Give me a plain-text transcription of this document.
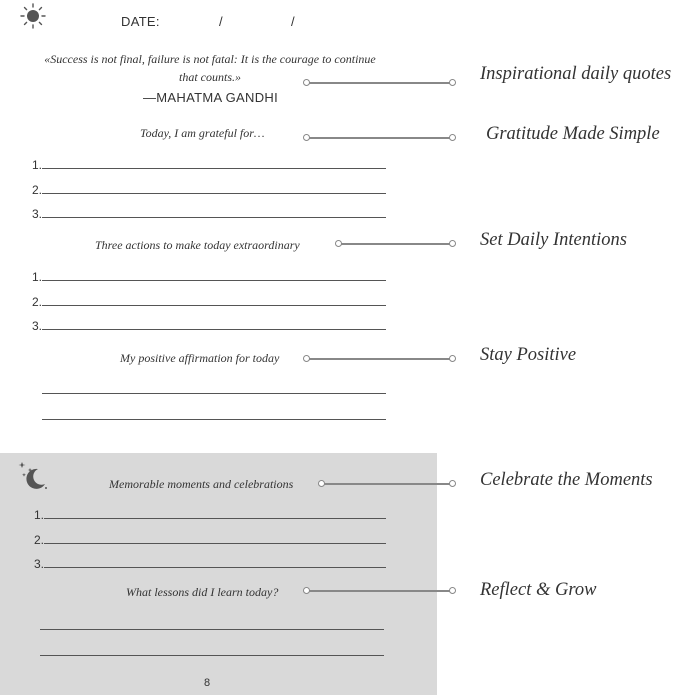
DATE:	/	/
«Success is not final, failure is not fatal: It is the courage to continue that counts.»
—MAHATMA GANDHI
Today, I am grateful for…
1.
2.
3.
Three actions to make today extraordinary
1.
2.
3.
My positive affirmation for today
Memorable moments and celebrations
1.
2.
3.
What lessons did I learn today?
8
Inspirational daily quotes
Gratitude Made Simple
Set Daily Intentions
Stay Positive
Celebrate the Moments
Reflect & Grow
